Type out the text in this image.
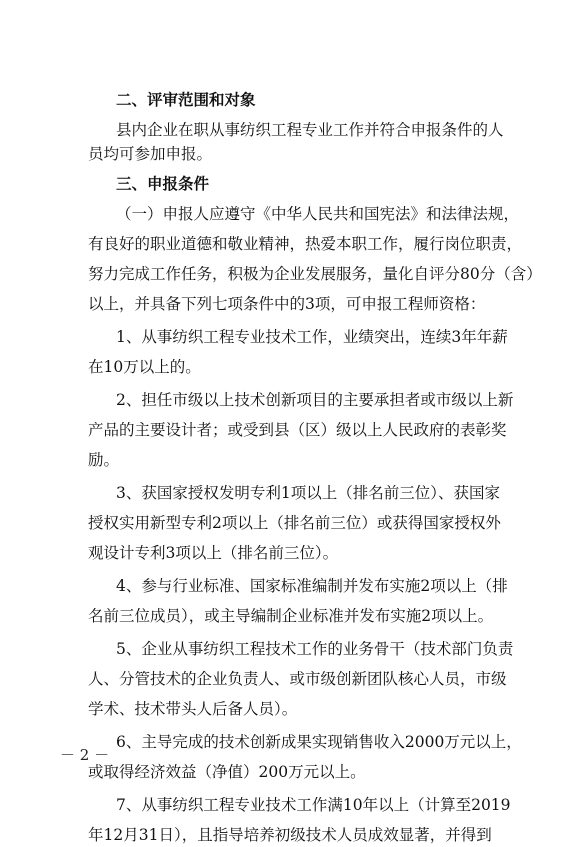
二、评审范围和对象
县内企业在职从事纺织工程专业工作并符合申报条件的人
员均可参加申报。
三、申报条件
（一）申报人应遵守《中华人民共和国宪法》和法律法规，
有良好的职业道德和敬业精神，热爱本职工作，履行岗位职责，
努力完成工作任务，积极为企业发展服务，量化自评分80分（含）
以上，并具备下列七项条件中的3项，可申报工程师资格：
1、从事纺织工程专业技术工作，业绩突出，连续3年年薪
在10万以上的。
2、担任市级以上技术创新项目的主要承担者或市级以上新
产品的主要设计者；或受到县（区）级以上人民政府的表彰奖
励。
3、获国家授权发明专利1项以上（排名前三位）、获国家
授权实用新型专利2项以上（排名前三位）或获得国家授权外
观设计专利3项以上（排名前三位）。
4、参与行业标准、国家标准编制并发布实施2项以上（排
名前三位成员），或主导编制企业标准并发布实施2项以上。
5、企业从事纺织工程技术工作的业务骨干（技术部门负责
人、分管技术的企业负责人、或市级创新团队核心人员，市级
学术、技术带头人后备人员）。
6、主导完成的技术创新成果实现销售收入2000万元以上，
或取得经济效益（净值）200万元以上。
7、从事纺织工程专业技术工作满10年以上（计算至2019
年12月31日），且指导培养初级技术人员成效显著，并得到
－ 2 －
